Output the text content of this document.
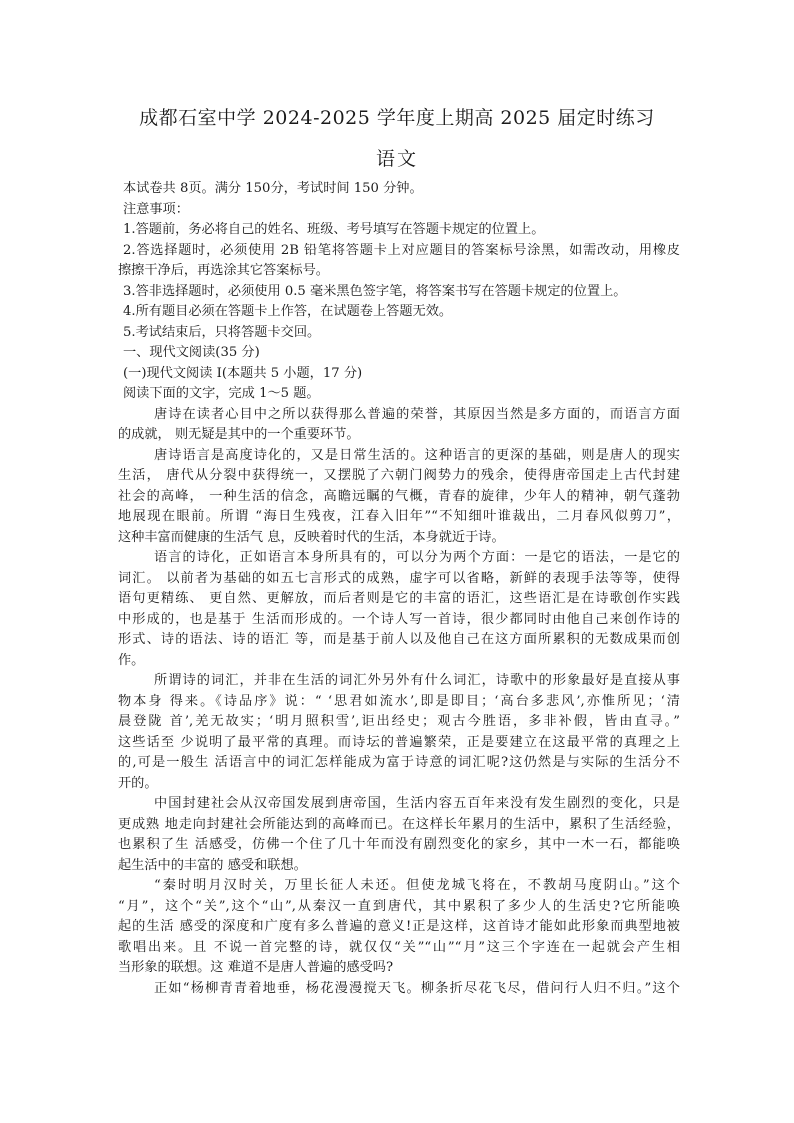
成都石室中学 2024-2025 学年度上期高 2025 届定时练习
语文
本试卷共 8页。满分 150分，考试时间 150 分钟。
注意事项：
1.答题前，务必将自己的姓名、班级、考号填写在答题卡规定的位置上。
2.答选择题时，必须使用 2B 铅笔将答题卡上对应题目的答案标号涂黑，如需改动，用橡皮
擦擦干净后，再选涂其它答案标号。
3.答非选择题时，必须使用 0.5 毫米黑色签字笔，将答案书写在答题卡规定的位置上。
4.所有题目必须在答题卡上作答，在试题卷上答题无效。
5.考试结束后，只将答题卡交回。
一、现代文阅读(35 分)
(一)现代文阅读 I(本题共 5 小题，17 分)
阅读下面的文字，完成 1～5 题。
唐诗在读者心目中之所以获得那么普遍的荣誉，其原因当然是多方面的，而语言方面
的成就， 则无疑是其中的一个重要环节。
唐诗语言是高度诗化的，又是日常生活的。这种语言的更深的基础，则是唐人的现实
生活， 唐代从分裂中获得统一，又摆脱了六朝门阀势力的残余，使得唐帝国走上古代封建
社会的高峰， 一种生活的信念，高瞻远瞩的气概，青春的旋律，少年人的精神，朝气蓬勃
地展现在眼前。所谓 “海日生残夜，江春入旧年”“不知细叶谁裁出，二月春风似剪刀”，
这种丰富而健康的生活气 息，反映着时代的生活，本身就近于诗。
语言的诗化，正如语言本身所具有的，可以分为两个方面：一是它的语法，一是它的
词汇。 以前者为基础的如五七言形式的成熟，虚字可以省略，新鲜的表现手法等等，使得
语句更精练、 更自然、更解放，而后者则是它的丰富的语汇，这些语汇是在诗歌创作实践
中形成的，也是基于 生活而形成的。一个诗人写一首诗，很少都同时由他自己来创作诗的
形式、诗的语法、诗的语汇 等，而是基于前人以及他自己在这方面所累积的无数成果而创
作。
所谓诗的词汇，并非在生活的词汇外另外有什么词汇，诗歌中的形象最好是直接从事
物本身 得来。《诗品序》说：“ ‘思君如流水’,即是即目；‘高台多悲风’,亦惟所见；‘清
晨登陇 首’,羌无故实；‘明月照积雪’,讵出经史；观古今胜语，多非补假，皆由直寻。”
这些话至 少说明了最平常的真理。而诗坛的普遍繁荣，正是要建立在这最平常的真理之上
的,可是一般生 活语言中的词汇怎样能成为富于诗意的词汇呢?这仍然是与实际的生活分不
开的。
中国封建社会从汉帝国发展到唐帝国，生活内容五百年来没有发生剧烈的变化，只是
更成熟 地走向封建社会所能达到的高峰而已。在这样长年累月的生活中，累积了生活经验，
也累积了生 活感受，仿佛一个住了几十年而没有剧烈变化的家乡，其中一木一石，都能唤
起生活中的丰富的 感受和联想。
“秦时明月汉时关，万里长征人未还。但使龙城飞将在，不教胡马度阴山。”这个
“月”，这个“关”,这个“山”,从秦汉一直到唐代，其中累积了多少人的生活史?它所能唤
起的生活 感受的深度和广度有多么普遍的意义!正是这样，这首诗才能如此形象而典型地被
歌唱出来。且 不说一首完整的诗，就仅仅“关”“山”“月”这三个字连在一起就会产生相
当形象的联想。这 难道不是唐人普遍的感受吗?
正如“杨柳青青着地垂，杨花漫漫搅天飞。柳条折尽花飞尽，借问行人归不归。”这个
